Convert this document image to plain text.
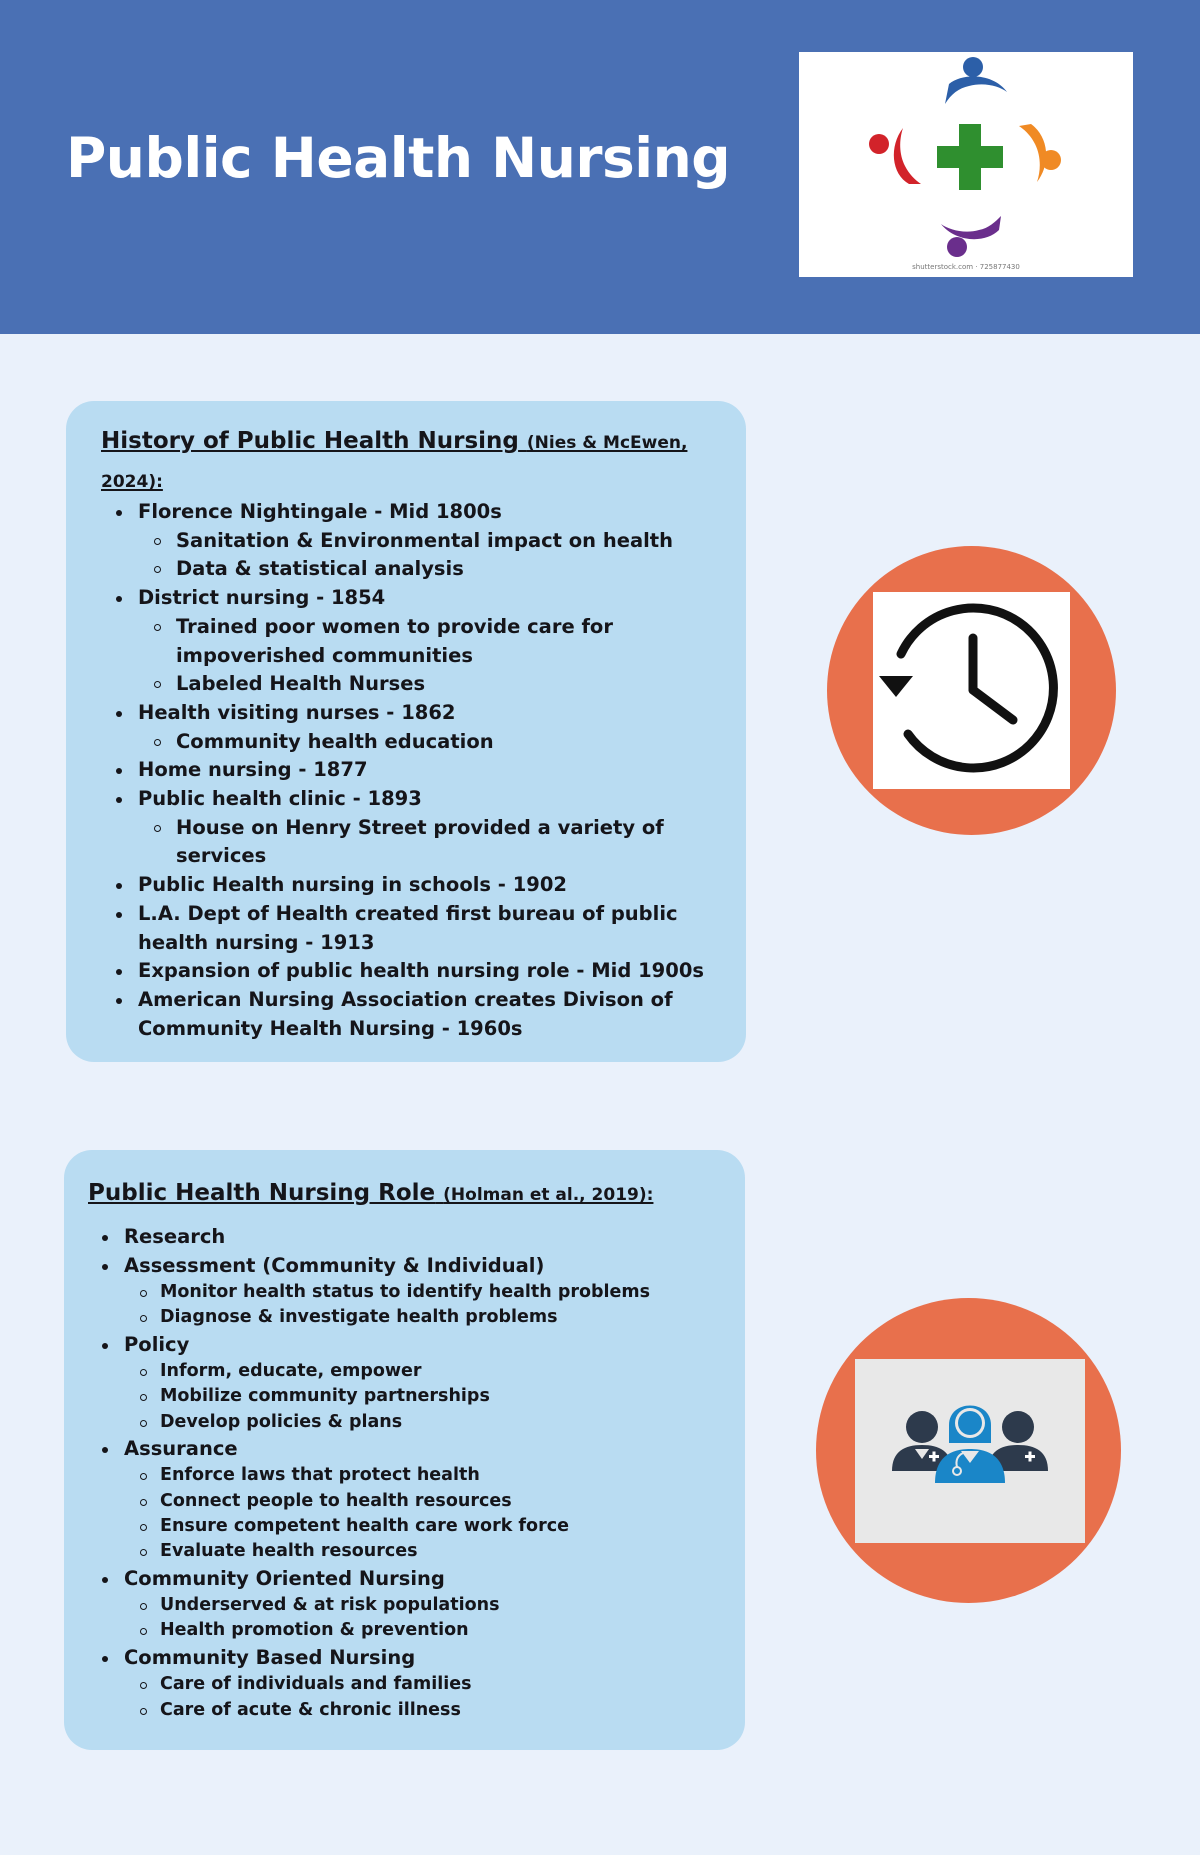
Public Health Nursing
shutterstock.com · 725877430
History of Public Health Nursing (Nies & McEwen, 2024):
Florence Nightingale - Mid 1800s
Sanitation & Environmental impact on health
Data & statistical analysis
District nursing - 1854
Trained poor women to provide care for impoverished communities
Labeled Health Nurses
Health visiting nurses - 1862
Community health education
Home nursing - 1877
Public health clinic - 1893
House on Henry Street provided a variety of services
Public Health nursing in schools - 1902
L.A. Dept of Health created first bureau of public health nursing - 1913
Expansion of public health nursing role - Mid 1900s
American Nursing Association creates Divison of Community Health Nursing - 1960s
Public Health Nursing Role (Holman et al., 2019):
Research
Assessment (Community & Individual)
Monitor health status to identify health problems
Diagnose & investigate health problems
Policy
Inform, educate, empower
Mobilize community partnerships
Develop policies & plans
Assurance
Enforce laws that protect health
Connect people to health resources
Ensure competent health care work force
Evaluate health resources
Community Oriented Nursing
Underserved & at risk populations
Health promotion & prevention
Community Based Nursing
Care of individuals and families
Care of acute & chronic illness
